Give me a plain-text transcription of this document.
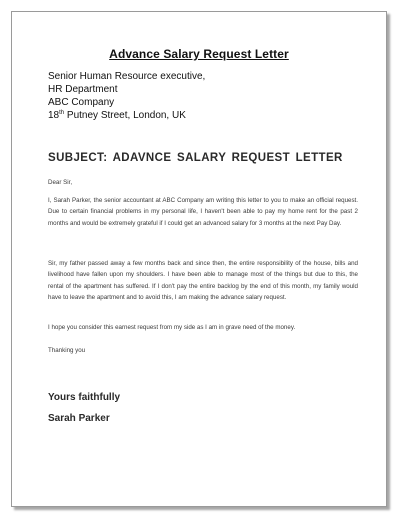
Advance Salary Request Letter
Senior Human Resource executive,
HR Department
ABC Company
18th Putney Street, London, UK
SUBJECT: ADAVNCE SALARY REQUEST LETTER
Dear Sir,
I, Sarah Parker, the senior accountant at ABC Company am writing this letter to you to make an official request. Due to certain financial problems in my personal life, I haven't been able to pay my home rent for the past 2 months and would be extremely grateful if I could get an advanced salary for 3 months at the next Pay Day.
Sir, my father passed away a few months back and since then, the entire responsibility of the house, bills and livelihood have fallen upon my shoulders. I have been able to manage most of the things but due to this, the rental of the apartment has suffered. If I don't pay the entire backlog by the end of this month, my family would have to leave the apartment and to avoid this, I am making the advance salary request.
I hope you consider this earnest request from my side as I am in grave need of the money.
Thanking you
Yours faithfully
Sarah Parker
